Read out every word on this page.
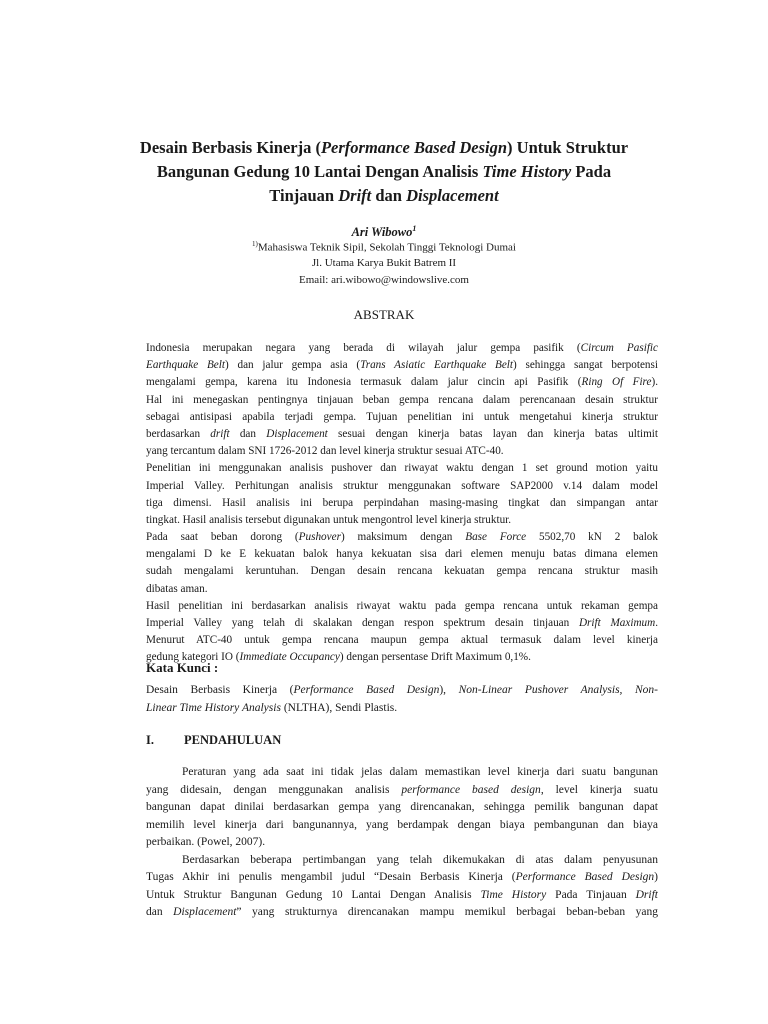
Desain Berbasis Kinerja (Performance Based Design) Untuk Struktur
Bangunan Gedung 10 Lantai Dengan Analisis Time History Pada
Tinjauan Drift dan Displacement
Ari Wibowo$^1$
$^{1)}$Mahasiswa Teknik Sipil, Sekolah Tinggi Teknologi Dumai
Jl. Utama Karya Bukit Batrem II
Email: ari.wibowo@windowslive.com
ABSTRAK
Indonesia merupakan negara yang berada di wilayah jalur gempa pasifik (Circum Pasific
Earthquake Belt) dan jalur gempa asia (Trans Asiatic Earthquake Belt) sehingga sangat berpotensi
mengalami gempa, karena itu Indonesia termasuk dalam jalur cincin api Pasifik (Ring Of Fire).
Hal ini menegaskan pentingnya tinjauan beban gempa rencana dalam perencanaan desain struktur
sebagai antisipasi apabila terjadi gempa. Tujuan penelitian ini untuk mengetahui kinerja struktur
berdasarkan drift dan Displacement sesuai dengan kinerja batas layan dan kinerja batas ultimit
yang tercantum dalam SNI 1726-2012 dan level kinerja struktur sesuai ATC-40.
Penelitian ini menggunakan analisis pushover dan riwayat waktu dengan 1 set ground motion yaitu
Imperial Valley. Perhitungan analisis struktur menggunakan software SAP2000 v.14 dalam model
tiga dimensi. Hasil analisis ini berupa perpindahan masing-masing tingkat dan simpangan antar
tingkat. Hasil analisis tersebut digunakan untuk mengontrol level kinerja struktur.
Pada saat beban dorong (Pushover) maksimum dengan Base Force 5502,70 kN 2 balok
mengalami D ke E kekuatan balok hanya kekuatan sisa dari elemen menuju batas dimana elemen
sudah mengalami keruntuhan. Dengan desain rencana kekuatan gempa rencana struktur masih
dibatas aman.
Hasil penelitian ini berdasarkan analisis riwayat waktu pada gempa rencana untuk rekaman gempa
Imperial Valley yang telah di skalakan dengan respon spektrum desain tinjauan Drift Maximum.
Menurut ATC-40 untuk gempa rencana maupun gempa aktual termasuk dalam level kinerja
gedung kategori IO (Immediate Occupancy) dengan persentase Drift Maximum 0,1%.
Kata Kunci :
Desain Berbasis Kinerja (Performance Based Design), Non-Linear Pushover Analysis, Non-
Linear Time History Analysis (NLTHA), Sendi Plastis.
I. PENDAHULUAN
Peraturan yang ada saat ini tidak jelas dalam memastikan level kinerja dari suatu bangunan
yang didesain, dengan menggunakan analisis performance based design, level kinerja suatu
bangunan dapat dinilai berdasarkan gempa yang direncanakan, sehingga pemilik bangunan dapat
memilih level kinerja dari bangunannya, yang berdampak dengan biaya pembangunan dan biaya
perbaikan. (Powel, 2007).
Berdasarkan beberapa pertimbangan yang telah dikemukakan di atas dalam penyusunan
Tugas Akhir ini penulis mengambil judul “Desain Berbasis Kinerja (Performance Based Design)
Untuk Struktur Bangunan Gedung 10 Lantai Dengan Analisis Time History Pada Tinjauan Drift
dan Displacement” yang strukturnya direncanakan mampu memikul berbagai beban-beban yang
